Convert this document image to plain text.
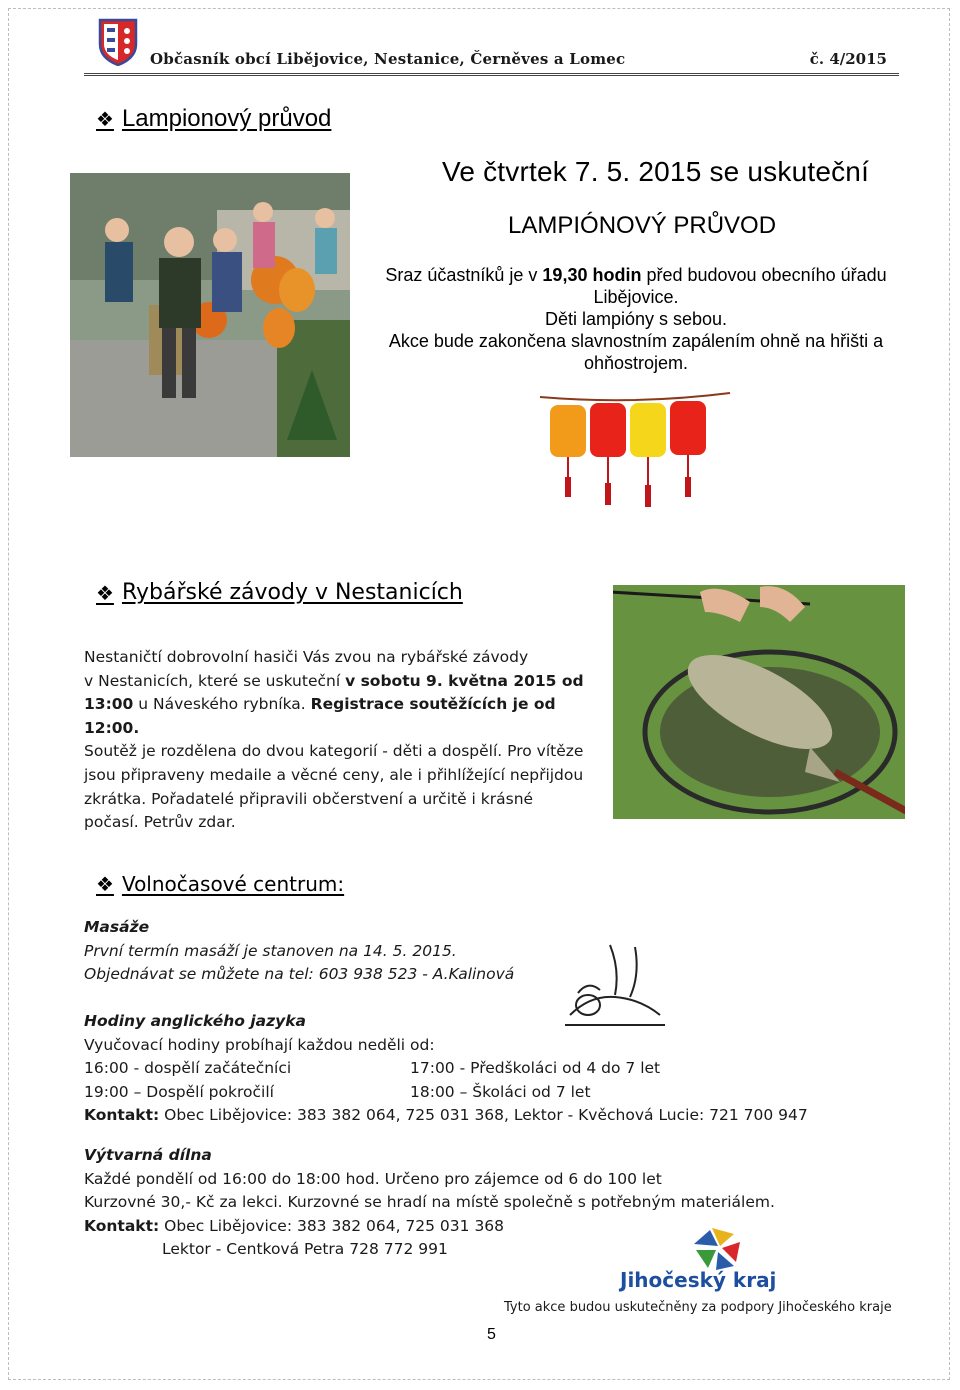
Občasník obcí Libějovice, Nestanice, Černěves a Lomec	č. 4/2015
❖ Lampionový průvod
Ve čtvrtek 7. 5. 2015 se uskuteční
LAMPIÓNOVÝ PRŮVOD
Sraz účastníků je v 19,30 hodin před budovou obecního úřadu
Libějovice.
Děti lampióny s sebou.
Akce bude zakončena slavnostním zapálením ohně na hřišti a
ohňostrojem.
❖ Rybářské závody v Nestanicích
Nestaničtí dobrovolní hasiči Vás zvou na rybářské závody
v Nestanicích, které se uskuteční v sobotu 9. května 2015 od
13:00 u Náveského rybníka. Registrace soutěžících je od 12:00.
Soutěž je rozdělena do dvou kategorií - děti a dospělí. Pro vítěze
jsou připraveny medaile a věcné ceny, ale i přihlížející nepřijdou
zkrátka. Pořadatelé připravili občerstvení a určitě i krásné
počasí. Petrův zdar.
❖ Volnočasové centrum:
Masáže
První termín masáží je stanoven na 14. 5. 2015.
Objednávat se můžete na tel: 603 938 523 - A.Kalinová
Hodiny anglického jazyka
Vyučovací hodiny probíhají každou neděli od:
16:00 - dospělí začátečníci	17:00 - Předškoláci od 4 do 7 let
19:00 – Dospělí pokročilí	18:00 – Školáci od 7 let
Kontakt: Obec Libějovice: 383 382 064, 725 031 368, Lektor - Kvěchová Lucie: 721 700 947
Výtvarná dílna
Každé pondělí od 16:00 do 18:00 hod. Určeno pro zájemce od 6 do 100 let
Kurzovné 30,- Kč za lekci. Kurzovné se hradí na místě společně s potřebným materiálem.
Kontakt: Obec Libějovice: 383 382 064, 725 031 368
Lektor - Centková Petra 728 772 991
Jihočeský kraj
Tyto akce budou uskutečněny za podpory Jihočeského kraje
5
